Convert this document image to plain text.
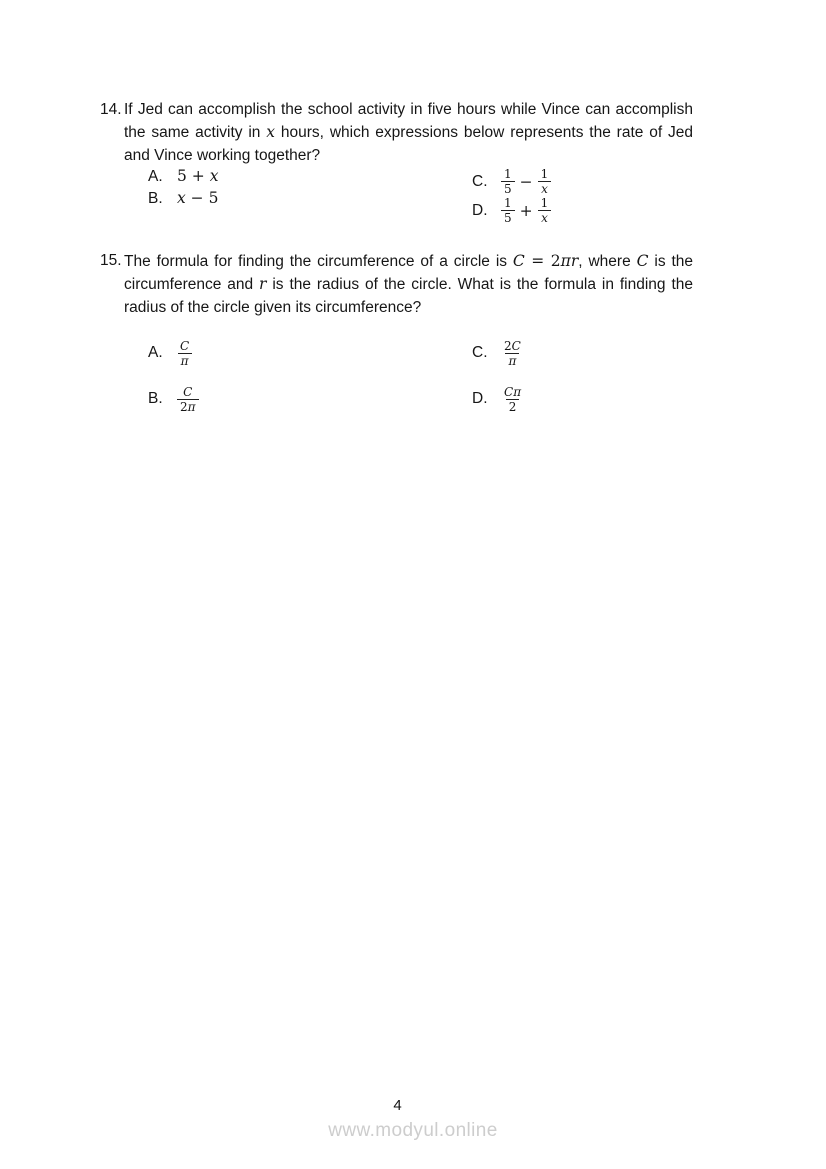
14. If Jed can accomplish the school activity in five hours while Vince can accomplish the same activity in x hours, which expressions below represents the rate of Jed and Vince working together?

A. 5 + x
B. x − 5
C.	$\frac{1}{5} - \frac{1}{x}$
D.	$\frac{1}{5} + \frac{1}{x}$
15. The formula for finding the circumference of a circle is C = 2πr, where C is the circumference and r is the radius of the circle. What is the formula in finding the radius of the circle given its circumference?

A.	$\frac{C}{\pi}$
B.	$\frac{C}{2 \pi}$
C.	$\frac{2 C}{\pi}$
D.	$\frac{\text{C π}}{2}$
4
www.modyul.online
